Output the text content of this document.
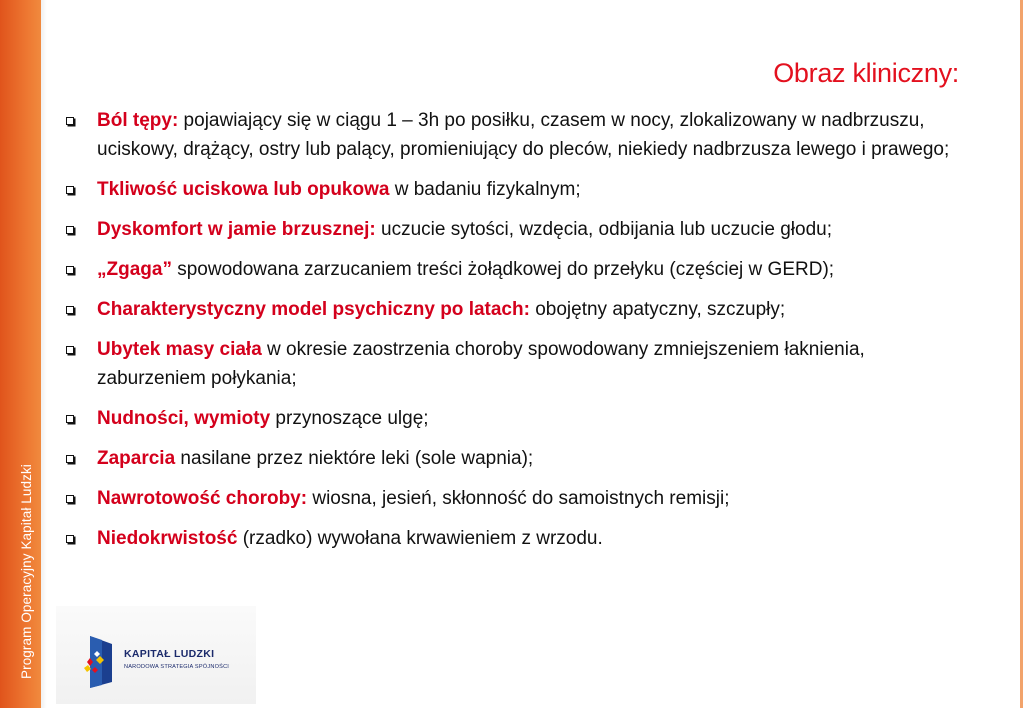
Program Operacyjny Kapitał Ludzki
Obraz kliniczny:
Ból tępy: pojawiający się w ciągu 1 – 3h po posiłku, czasem w nocy, zlokalizowany w nadbrzuszu, uciskowy, drążący, ostry lub palący, promieniujący do pleców, niekiedy nadbrzusza lewego i prawego;
Tkliwość uciskowa lub opukowa w badaniu fizykalnym;
Dyskomfort w jamie brzusznej: uczucie sytości, wzdęcia, odbijania lub uczucie głodu;
„Zgaga” spowodowana zarzucaniem treści żołądkowej do przełyku (częściej w GERD);
Charakterystyczny model psychiczny po latach: obojętny apatyczny, szczupły;
Ubytek masy ciała w okresie zaostrzenia choroby spowodowany zmniejszeniem łaknienia, zaburzeniem połykania;
Nudności, wymioty przynoszące ulgę;
Zaparcia nasilane przez niektóre leki (sole wapnia);
Nawrotowość choroby: wiosna, jesień, skłonność do samoistnych remisji;
Niedokrwistość (rzadko) wywołana krwawieniem z wrzodu.
KAPITAŁ LUDZKI
NARODOWA STRATEGIA SPÓJNOŚCI
